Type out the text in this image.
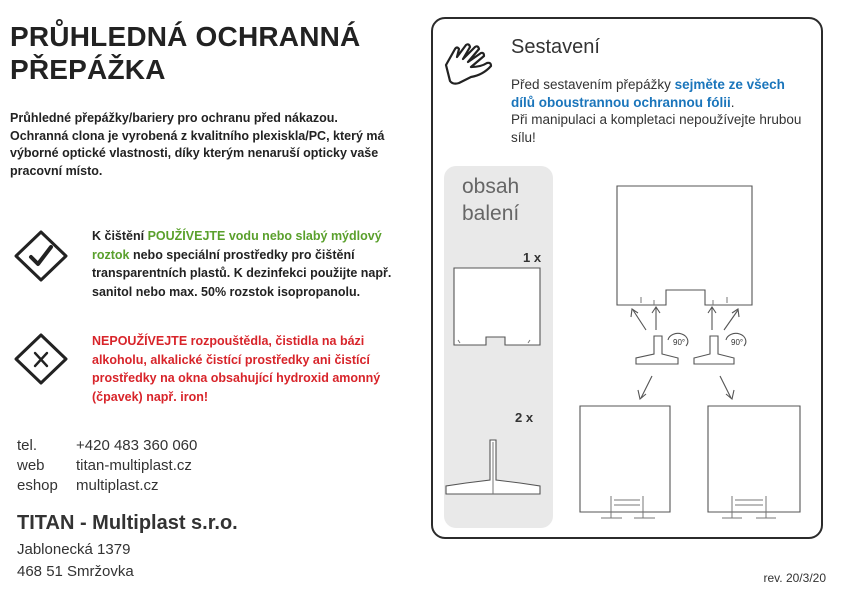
PRŮHLEDNÁ OCHRANNÁ
PŘEPÁŽKA
Průhledné přepážky/bariery pro ochranu před nákazou. Ochranná clona je vyrobená z kvalitního plexiskla/PC, který má výborné optické vlastnosti, díky kterým nenaruší opticky vaše pracovní místo.
K čištění POUŽÍVEJTE vodu nebo slabý mýdlový roztok nebo speciální prostředky pro čištění transparentních plastů. K dezinfekci použijte např. sanitol nebo max. 50% rozstok isopropanolu.
NEPOUŽÍVEJTE rozpouštědla, čistidla na bázi alkoholu, alkalické čistící prostředky ani čistící prostředky na okna obsahující hydroxid amonný (čpavek) např. iron!
tel.	+420 483 360 060
web titan-multiplast.cz
eshop multiplast.cz
TITAN - Multiplast s.r.o.
Jablonecká 1379
468 51 Smržovka	rev. 20/3/20
Sestavení
Před sestavením přepážky sejměte ze všech dílů oboustrannou ochrannou fólii.
Při manipulaci a kompletaci nepoužívejte hrubou sílu!
obsah balení
1 x
2 x
90°	90°
